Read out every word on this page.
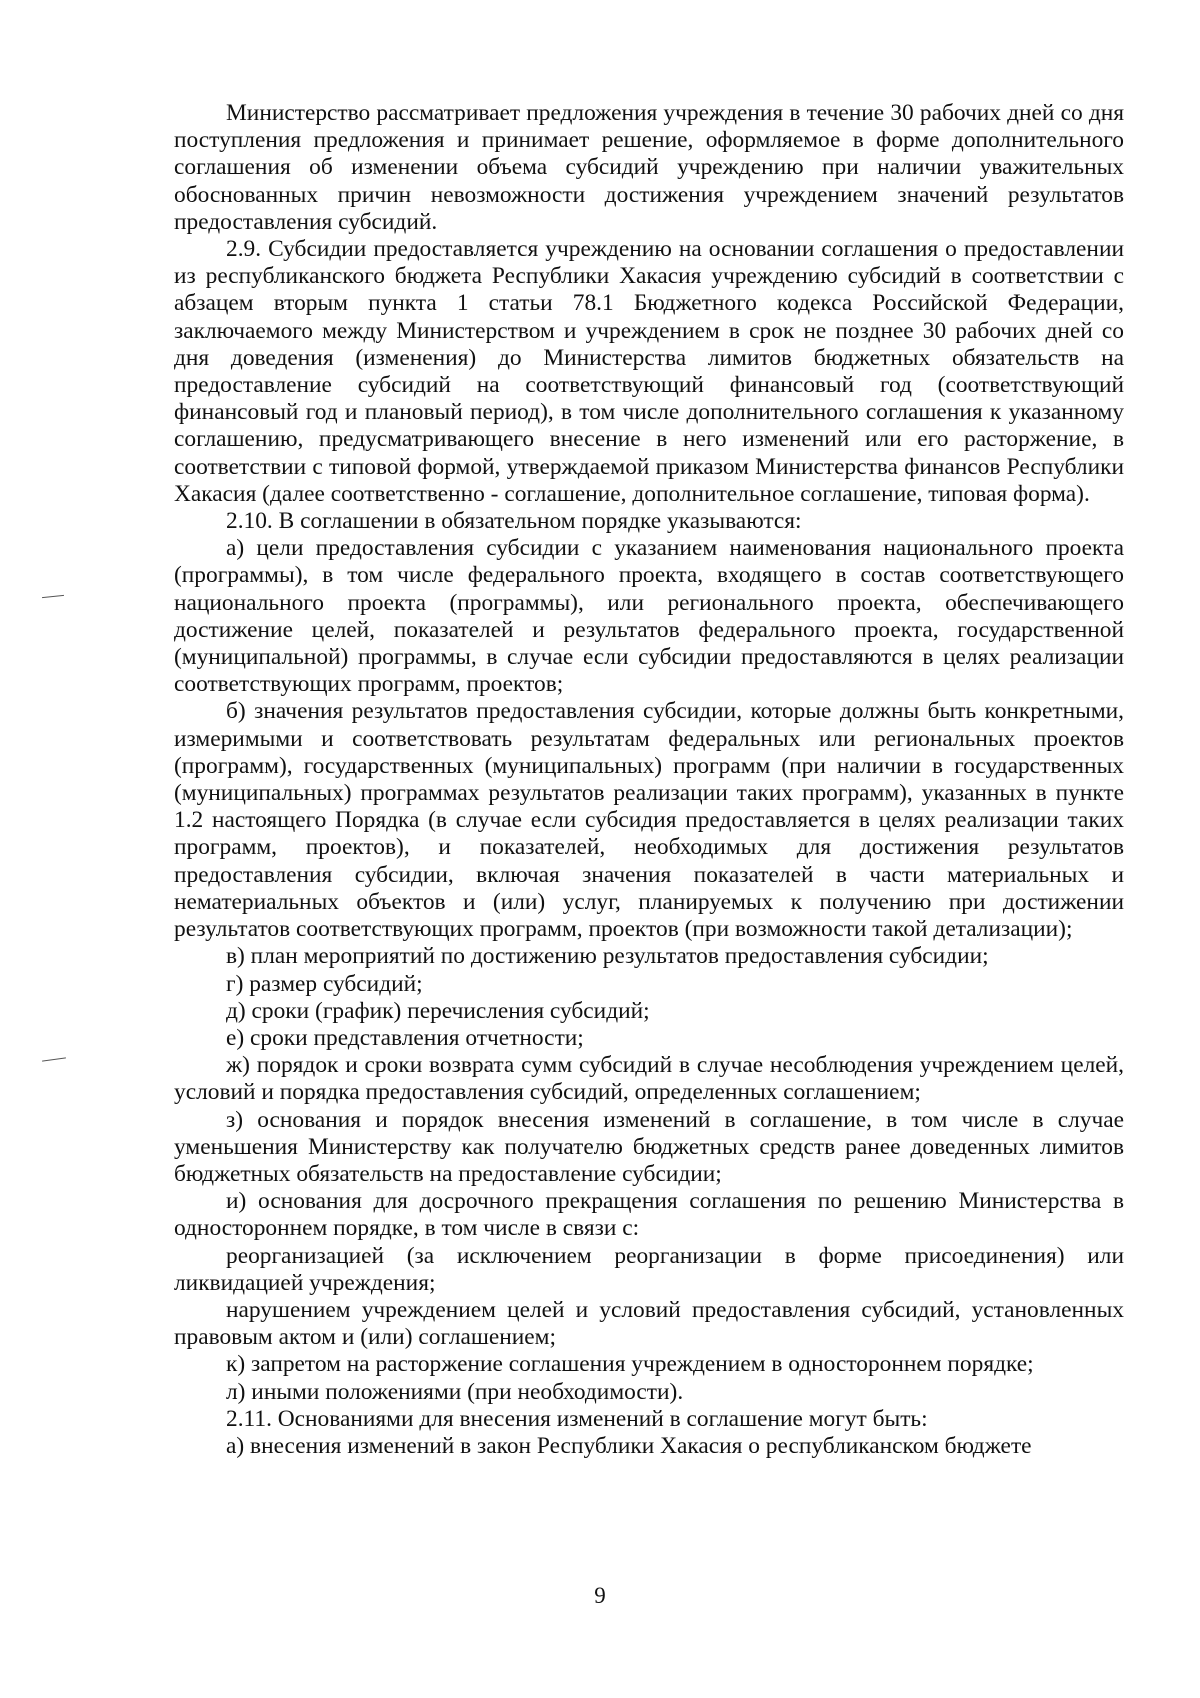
Министерство рассматривает предложения учреждения в течение 30 рабочих дней со дня поступления предложения и принимает решение, оформляемое в форме дополнительного соглашения об изменении объема субсидий учреждению при наличии уважительных обоснованных причин невозможности достижения учреждением значений результатов предоставления субсидий.

2.9. Субсидии предоставляется учреждению на основании соглашения о предоставлении из республиканского бюджета Республики Хакасия учреждению субсидий в соответствии с абзацем вторым пункта 1 статьи 78.1 Бюджетного кодекса Российской Федерации, заключаемого между Министерством и учреждением в срок не позднее 30 рабочих дней со дня доведения (изменения) до Министерства лимитов бюджетных обязательств на предоставление субсидий на соответствующий финансовый год (соответствующий финансовый год и плановый период), в том числе дополнительного соглашения к указанному соглашению, предусматривающего внесение в него изменений или его расторжение, в соответствии с типовой формой, утверждаемой приказом Министерства финансов Республики Хакасия (далее соответственно - соглашение, дополнительное соглашение, типовая форма).

2.10. В соглашении в обязательном порядке указываются:

а) цели предоставления субсидии с указанием наименования национального проекта (программы), в том числе федерального проекта, входящего в состав соответствующего национального проекта (программы), или регионального проекта, обеспечивающего достижение целей, показателей и результатов федерального проекта, государственной (муниципальной) программы, в случае если субсидии предоставляются в целях реализации соответствующих программ, проектов;

б) значения результатов предоставления субсидии, которые должны быть конкретными, измеримыми и соответствовать результатам федеральных или региональных проектов (программ), государственных (муниципальных) программ (при наличии в государственных (муниципальных) программах результатов реализации таких программ), указанных в пункте 1.2 настоящего Порядка (в случае если субсидия предоставляется в целях реализации таких программ, проектов), и показателей, необходимых для достижения результатов предоставления субсидии, включая значения показателей в части материальных и нематериальных объектов и (или) услуг, планируемых к получению при достижении результатов соответствующих программ, проектов (при возможности такой детализации);

в) план мероприятий по достижению результатов предоставления субсидии;

г) размер субсидий;

д) сроки (график) перечисления субсидий;

е) сроки представления отчетности;

ж) порядок и сроки возврата сумм субсидий в случае несоблюдения учреждением целей, условий и порядка предоставления субсидий, определенных соглашением;

з) основания и порядок внесения изменений в соглашение, в том числе в случае уменьшения Министерству как получателю бюджетных средств ранее доведенных лимитов бюджетных обязательств на предоставление субсидии;

и) основания для досрочного прекращения соглашения по решению Министерства в одностороннем порядке, в том числе в связи с:

реорганизацией (за исключением реорганизации в форме присоединения) или ликвидацией учреждения;

нарушением учреждением целей и условий предоставления субсидий, установленных правовым актом и (или) соглашением;

к) запретом на расторжение соглашения учреждением в одностороннем порядке;

л) иными положениями (при необходимости).

2.11. Основаниями для внесения изменений в соглашение могут быть:

а) внесения изменений в закон Республики Хакасия о республиканском бюджете

9
